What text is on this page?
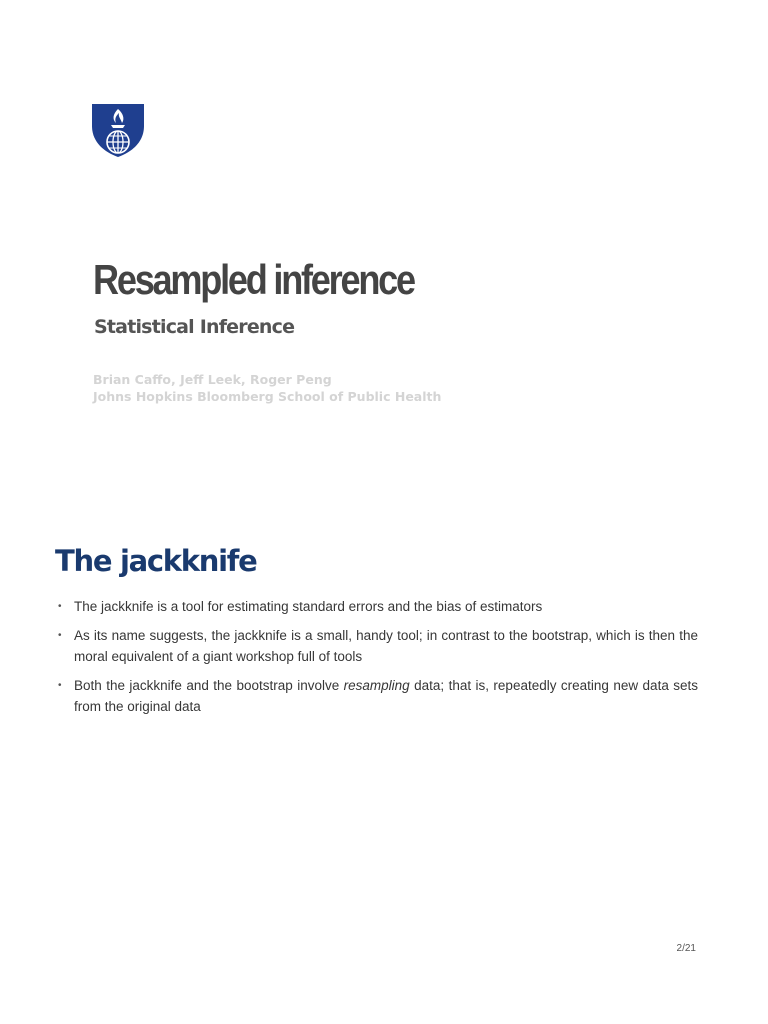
Resampled inference
Statistical Inference
Brian Caffo, Jeff Leek, Roger Peng
Johns Hopkins Bloomberg School of Public Health
The jackknife
• The jackknife is a tool for estimating standard errors and the bias of estimators
• As its name suggests, the jackknife is a small, handy tool; in contrast to the bootstrap, which is then the moral equivalent of a giant workshop full of tools
• Both the jackknife and the bootstrap involve resampling data; that is, repeatedly creating new data sets from the original data
2/21
